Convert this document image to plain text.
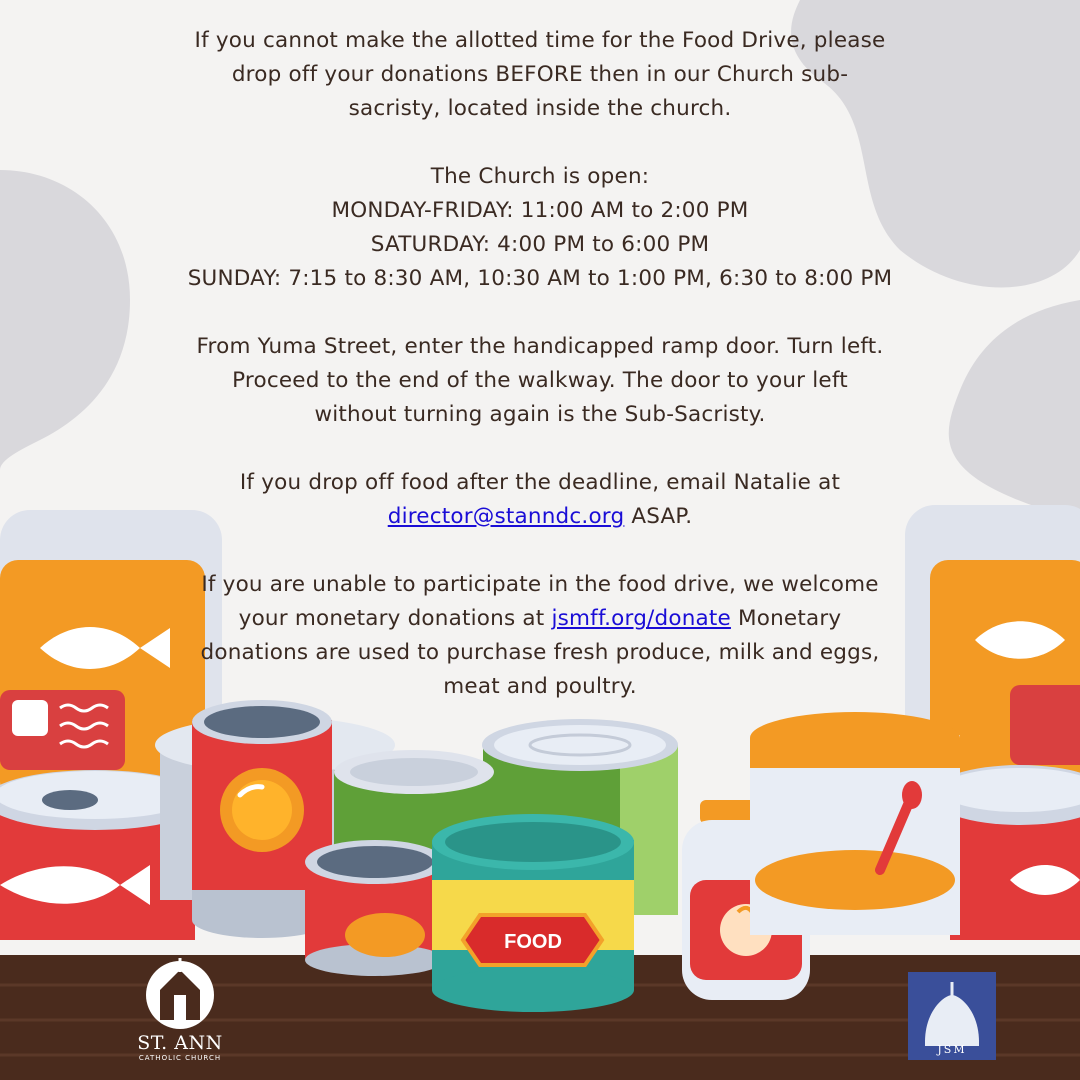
FOOD

If you cannot make the allotted time for the Food Drive, please
drop off your donations BEFORE then in our Church sub-
sacristy, located inside the church.

The Church is open:
MONDAY-FRIDAY: 11:00 AM to 2:00 PM
SATURDAY: 4:00 PM to 6:00 PM
SUNDAY: 7:15 to 8:30 AM, 10:30 AM to 1:00 PM, 6:30 to 8:00 PM

From Yuma Street, enter the handicapped ramp door. Turn left.
Proceed to the end of the walkway. The door to your left
without turning again is the Sub-Sacristy.

If you drop off food after the deadline, email Natalie at
director@stanndc.org ASAP.

If you are unable to participate in the food drive, we welcome
your monetary donations at jsmff.org/donate Monetary
donations are used to purchase fresh produce, milk and eggs,
meat and poultry.

ST. ANN
CATHOLIC CHURCH
JSM
